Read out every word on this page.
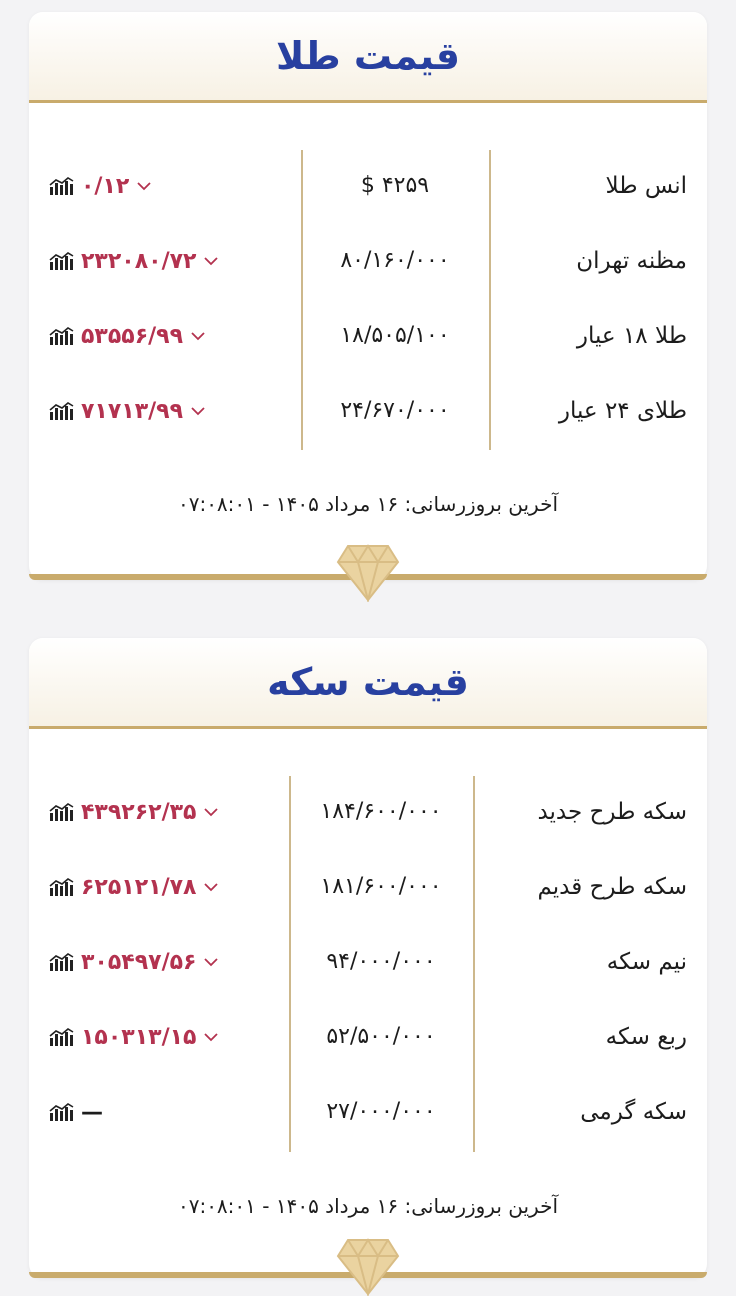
قیمت طلا
انس طلا
۴۲۵۹ $
۰/۱۲
مظنه تهران
۸۰/۱۶۰/۰۰۰
۲۳۲۰۸۰/۷۲
طلا ۱۸ عیار
۱۸/۵۰۵/۱۰۰
۵۳۵۵۶/۹۹
طلای ۲۴ عیار
۲۴/۶۷۰/۰۰۰
۷۱۷۱۳/۹۹
آخرین بروزرسانی: ۱۶ مرداد ۱۴۰۵ - ۰۷:۰۸:۰۱
قیمت سکه
سکه طرح جدید
۱۸۴/۶۰۰/۰۰۰
۴۳۹۲۶۲/۳۵
سکه طرح قدیم
۱۸۱/۶۰۰/۰۰۰
۶۲۵۱۲۱/۷۸
نیم سکه
۹۴/۰۰۰/۰۰۰
۳۰۵۴۹۷/۵۶
ربع سکه
۵۲/۵۰۰/۰۰۰
۱۵۰۳۱۳/۱۵
سکه گرمی
۲۷/۰۰۰/۰۰۰
—
آخرین بروزرسانی: ۱۶ مرداد ۱۴۰۵ - ۰۷:۰۸:۰۱
